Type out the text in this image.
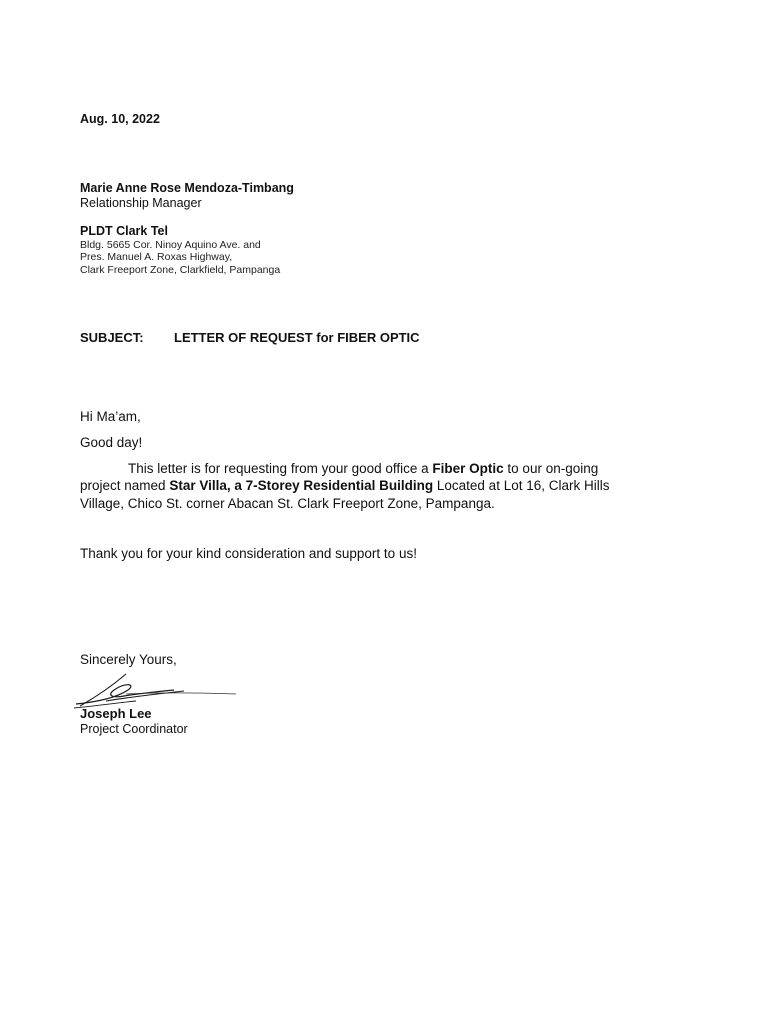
Aug. 10, 2022
Marie Anne Rose Mendoza-Timbang
Relationship Manager
PLDT Clark Tel
Bldg. 5665 Cor. Ninoy Aquino Ave. and
Pres. Manuel A. Roxas Highway,
Clark Freeport Zone, Clarkfield, Pampanga
SUBJECT: LETTER OF REQUEST for FIBER OPTIC
Hi Ma’am,
Good day!
This letter is for requesting from your good office a Fiber Optic to our on-going
project named Star Villa, a 7-Storey Residential Building Located at Lot 16, Clark Hills
Village, Chico St. corner Abacan St. Clark Freeport Zone, Pampanga.
Thank you for your kind consideration and support to us!
Sincerely Yours,
Joseph Lee
Project Coordinator
